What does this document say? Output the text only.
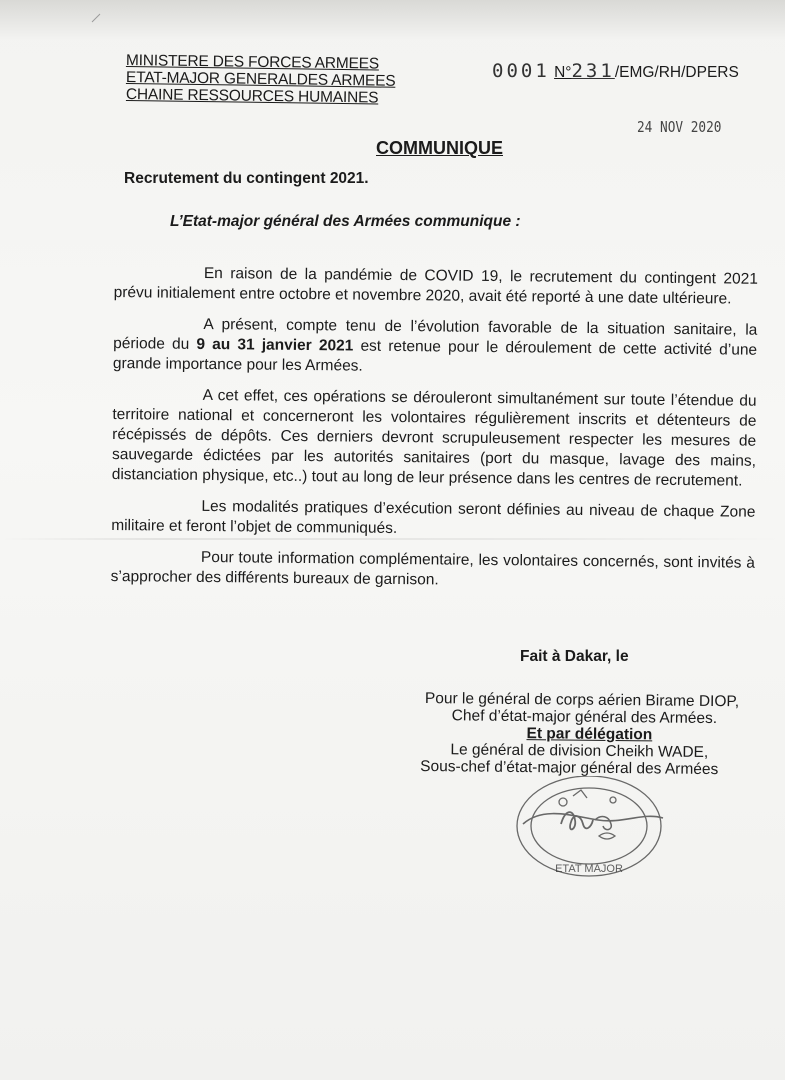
MINISTERE DES FORCES ARMEES
ETAT-MAJOR GENERALDES ARMEES
CHAINE RESSOURCES HUMAINES
0001 N°231/EMG/RH/DPERS
24 NOV 2020
COMMUNIQUE
Recrutement du contingent 2021.
L’Etat-major général des Armées communique :

En raison de la pandémie de COVID 19, le recrutement du contingent 2021 prévu initialement entre octobre et novembre 2020, avait été reporté à une date ultérieure.

A présent, compte tenu de l’évolution favorable de la situation sanitaire, la période du 9 au 31 janvier 2021 est retenue pour le déroulement de cette activité d’une grande importance pour les Armées.

A cet effet, ces opérations se dérouleront simultanément sur toute l’étendue du territoire national et concerneront les volontaires régulièrement inscrits et détenteurs de récépissés de dépôts. Ces derniers devront scrupuleusement respecter les mesures de sauvegarde édictées par les autorités sanitaires (port du masque, lavage des mains, distanciation physique, etc..) tout au long de leur présence dans les centres de recrutement.

Les modalités pratiques d’exécution seront définies au niveau de chaque Zone militaire et feront l’objet de communiqués.

Pour toute information complémentaire, les volontaires concernés, sont invités à s’approcher des différents bureaux de garnison.

Fait à Dakar, le
Pour le général de corps aérien Birame DIOP,
Chef d’état-major général des Armées.
Et par délégation
Le général de division Cheikh WADE,
Sous-chef d’état-major général des Armées
ETAT MAJOR
